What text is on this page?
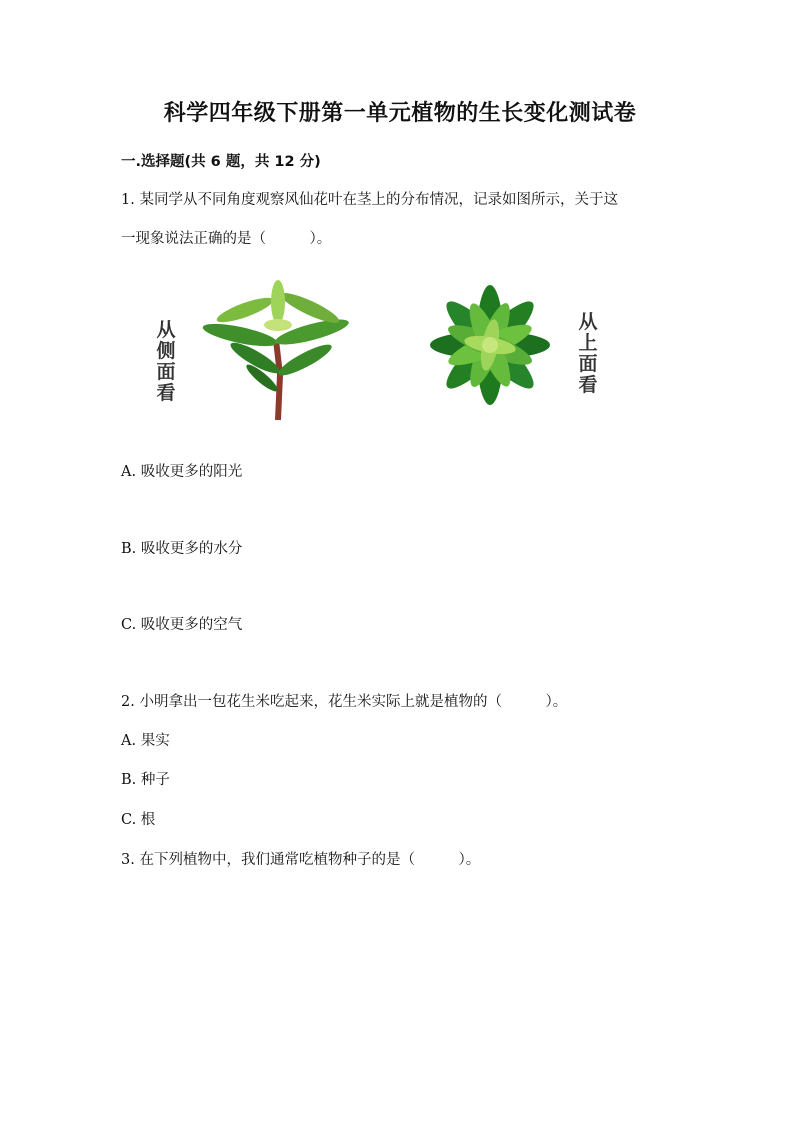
科学四年级下册第一单元植物的生长变化测试卷
一.选择题(共 6 题，共 12 分)
1. 某同学从不同角度观察风仙花叶在茎上的分布情况，记录如图所示，关于这
一现象说法正确的是（　　　）。
从侧面看
从上面看
A. 吸收更多的阳光
B. 吸收更多的水分
C. 吸收更多的空气
2. 小明拿出一包花生米吃起来，花生米实际上就是植物的（　　　）。
A. 果实
B. 种子
C. 根
3. 在下列植物中，我们通常吃植物种子的是（　　　）。
